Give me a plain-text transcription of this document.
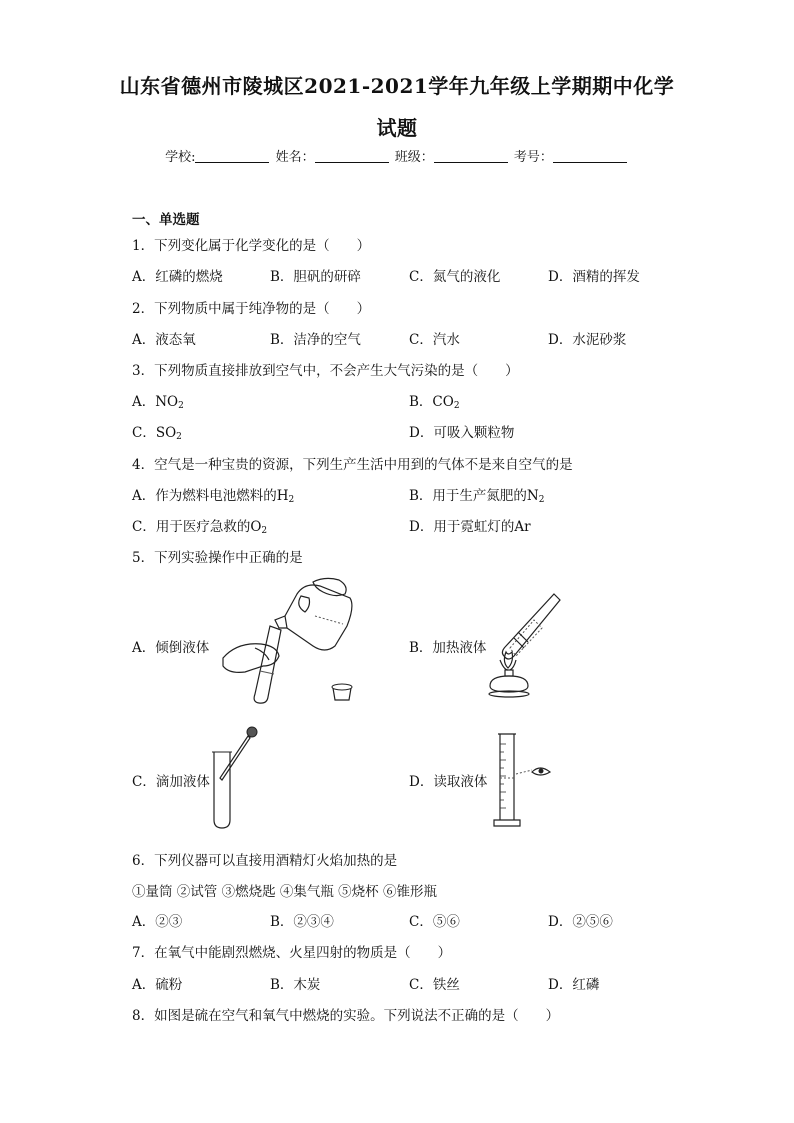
山东省德州市陵城区2021-2021学年九年级上学期期中化学
试题
学校:	姓名：	班级：	考号：
一、单选题
1．下列变化属于化学变化的是（　　）
A．红磷的燃烧	B．胆矾的研碎	C．氮气的液化	D．酒精的挥发
2．下列物质中属于纯净物的是（　　）
A．液态氧	B．洁净的空气	C．汽水	D．水泥砂浆
3．下列物质直接排放到空气中，不会产生大气污染的是（　　）
A．$NO_2$	B．$CO_2$
C．$SO_2$	D．可吸入颗粒物
4．空气是一种宝贵的资源，下列生产生活中用到的气体不是来自空气的是
A．作为燃料电池燃料的$H_2$	B．用于生产氮肥的$N_2$
C．用于医疗急救的$O_2$	D．用于霓虹灯的Ar
5．下列实验操作中正确的是
A．倾倒液体	B．加热液体
C．滴加液体	D．读取液体
6．下列仪器可以直接用酒精灯火焰加热的是
①量筒 ②试管 ③燃烧匙 ④集气瓶 ⑤烧杯 ⑥锥形瓶
A．②③	B．②③④	C．⑤⑥	D．②⑤⑥
7．在氧气中能剧烈燃烧、火星四射的物质是（　　）
A．硫粉	B．木炭	C．铁丝	D．红磷
8．如图是硫在空气和氧气中燃烧的实验。下列说法不正确的是（　　）
